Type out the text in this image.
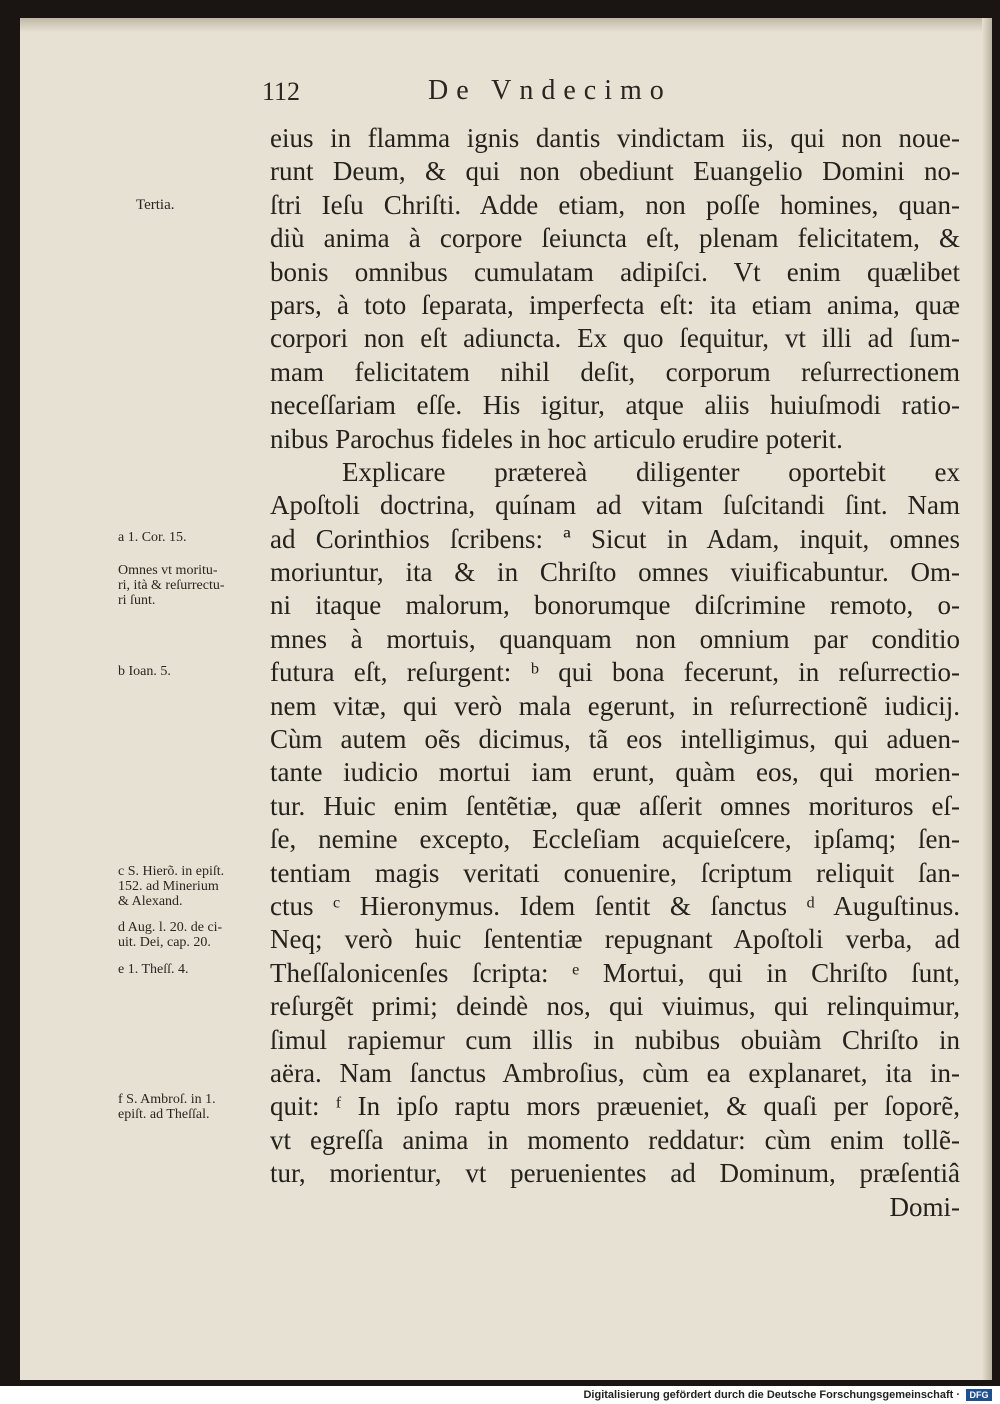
112	De Vndecimo
eius in flamma ignis dantis vindictam iis, qui non noue-
runt Deum, & qui non obediunt Euangelio Domini no-
ſtri Ieſu Chriſti. Adde etiam, non poſſe homines, quan-
diù anima à corpore ſeiuncta eſt, plenam felicitatem, &
bonis omnibus cumulatam adipiſci. Vt enim quælibet
pars, à toto ſeparata, imperfecta eſt: ita etiam anima, quæ
corpori non eſt adiuncta. Ex quo ſequitur, vt illi ad ſum-
mam felicitatem nihil deſit, corporum reſurrectionem
neceſſariam eſſe. His igitur, atque aliis huiuſmodi ratio-
nibus Parochus fideles in hoc articulo erudire poterit.
Explicare prætereà diligenter oportebit ex
Apoſtoli doctrina, quínam ad vitam ſuſcitandi ſint. Nam
ad Corinthios ſcribens: ª Sicut in Adam, inquit, omnes
moriuntur, ita & in Chriſto omnes viuificabuntur. Om-
ni itaque malorum, bonorumque diſcrimine remoto, o-
mnes à mortuis, quanquam non omnium par conditio
futura eſt, reſurgent: ᵇ qui bona fecerunt, in reſurrectio-
nem vitæ, qui verò mala egerunt, in reſurrectionẽ iudicij.
Cùm autem oẽs dicimus, tã eos intelligimus, qui aduen-
tante iudicio mortui iam erunt, quàm eos, qui morien-
tur. Huic enim ſentẽtiæ, quæ aſſerit omnes morituros eſ-
ſe, nemine excepto, Eccleſiam acquieſcere, ipſamq; ſen-
tentiam magis veritati conuenire, ſcriptum reliquit ſan-
ctus ᶜ Hieronymus. Idem ſentit & ſanctus ᵈ Auguſtinus.
Neq; verò huic ſententiæ repugnant Apoſtoli verba, ad
Theſſalonicenſes ſcripta: ᵉ Mortui, qui in Chriſto ſunt,
reſurgẽt primi; deindè nos, qui viuimus, qui relinquimur,
ſimul rapiemur cum illis in nubibus obuiàm Chriſto in
aëra. Nam ſanctus Ambroſius, cùm ea explanaret, ita in-
quit: ᶠ In ipſo raptu mors præueniet, & quaſi per ſoporẽ,
vt egreſſa anima in momento reddatur: cùm enim tollẽ-
tur, morientur, vt peruenientes ad Dominum, præſentiâ
Domi-
Tertia.
a 1. Cor. 15.
Omnes vt moritu-
ri, ità & reſurrectu-
ri ſunt.
b Ioan. 5.
c S. Hierõ. in epiſt.
152. ad Minerium
& Alexand.
d Aug. l. 20. de ci-
uit. Dei, cap. 20.
e 1. Theſſ. 4.
f S. Ambroſ. in 1.
epiſt. ad Theſſal.
Digitalisierung gefördert durch die Deutsche Forschungsgemeinschaft ·	DFG
